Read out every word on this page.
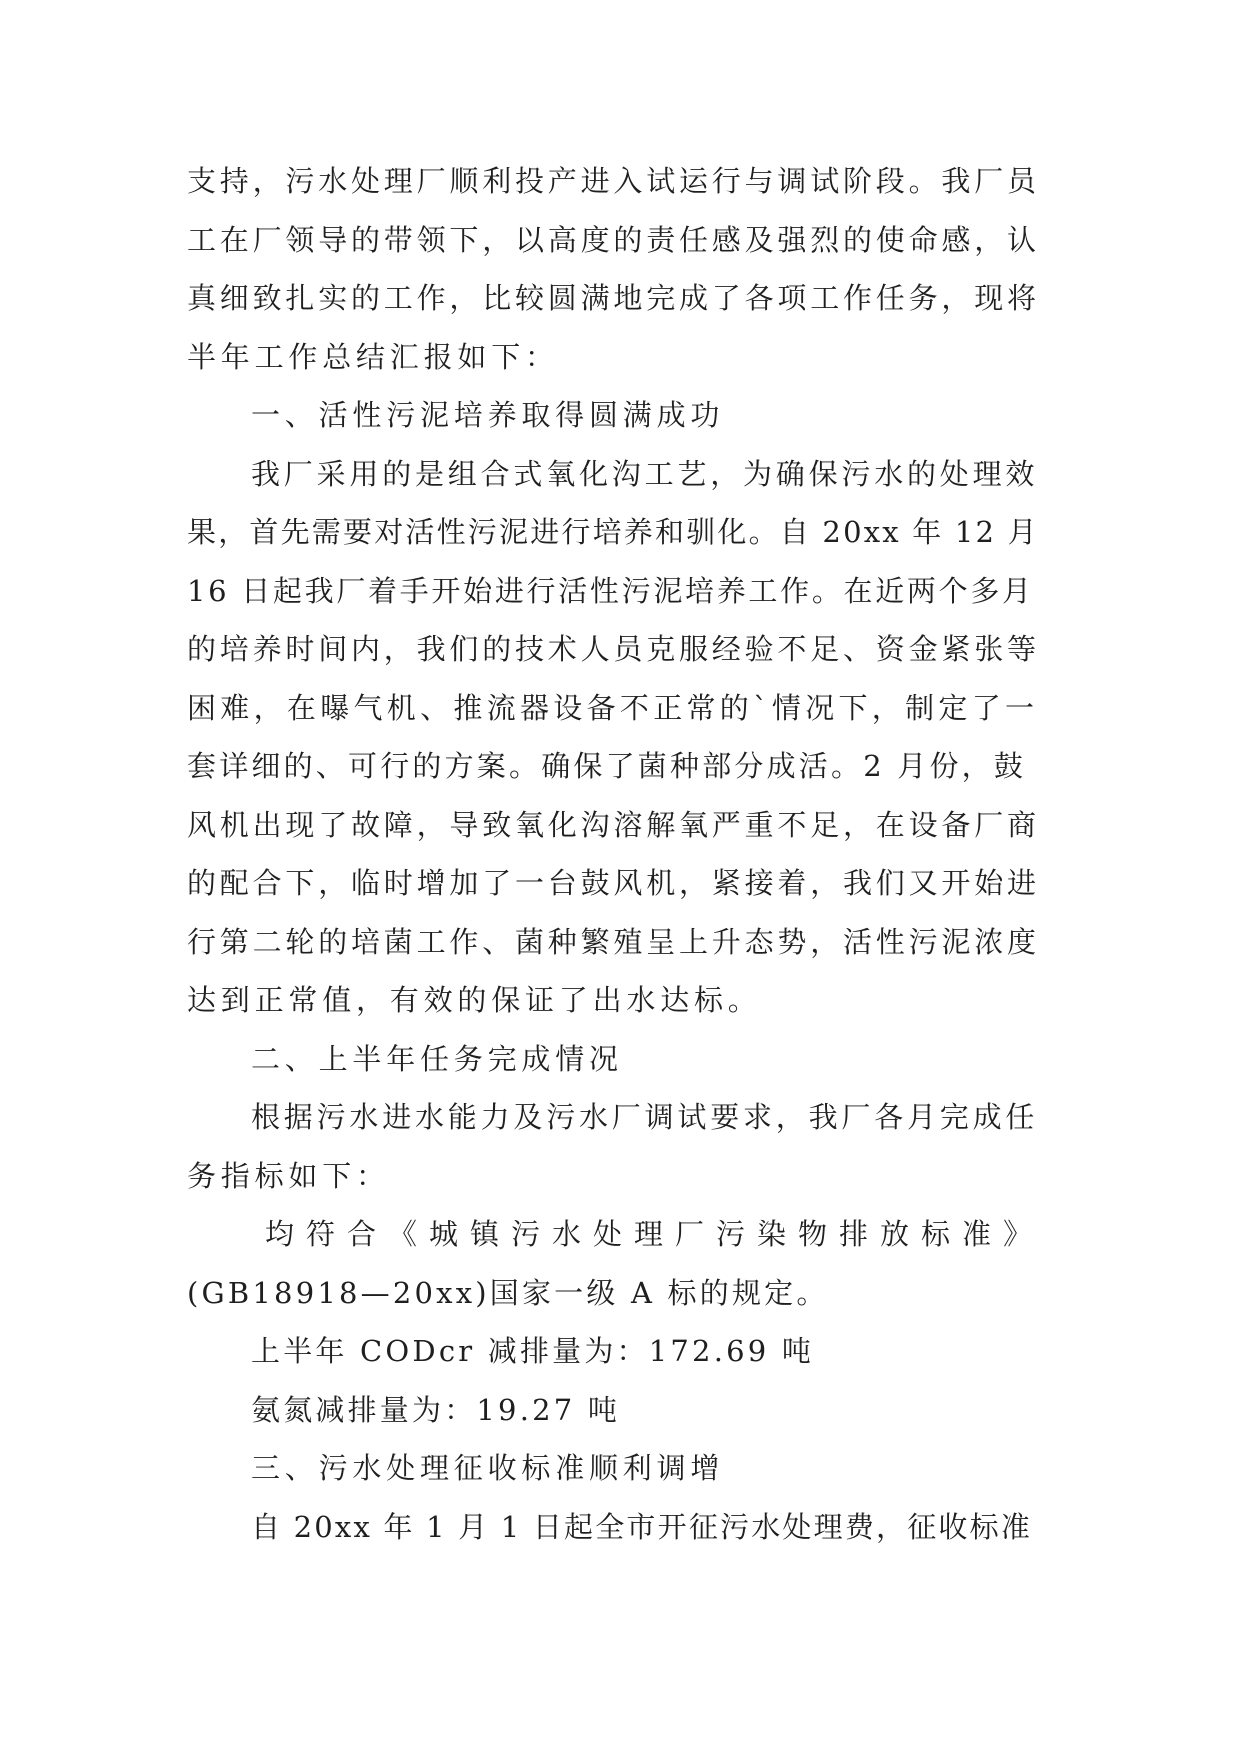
支持，污水处理厂顺利投产进入试运行与调试阶段。我厂员
工在厂领导的带领下，以高度的责任感及强烈的使命感，认
真细致扎实的工作，比较圆满地完成了各项工作任务，现将
半年工作总结汇报如下：
一、活性污泥培养取得圆满成功
我厂采用的是组合式氧化沟工艺，为确保污水的处理效
果，首先需要对活性污泥进行培养和驯化。自 20xx 年 12 月
16 日起我厂着手开始进行活性污泥培养工作。在近两个多月
的培养时间内，我们的技术人员克服经验不足、资金紧张等
困难，在曝气机、推流器设备不正常的`情况下，制定了一
套详细的、可行的方案。确保了菌种部分成活。2 月份，鼓
风机出现了故障，导致氧化沟溶解氧严重不足，在设备厂商
的配合下，临时增加了一台鼓风机，紧接着，我们又开始进
行第二轮的培菌工作、菌种繁殖呈上升态势，活性污泥浓度
达到正常值，有效的保证了出水达标。
二、上半年任务完成情况
根据污水进水能力及污水厂调试要求，我厂各月完成任
务指标如下：
均符合《城镇污水处理厂污染物排放标准》
(GB18918—20xx)国家一级 A 标的规定。
上半年 CODcr 减排量为：172.69 吨
氨氮减排量为：19.27 吨
三、污水处理征收标准顺利调增
自 20xx 年 1 月 1 日起全市开征污水处理费，征收标准
